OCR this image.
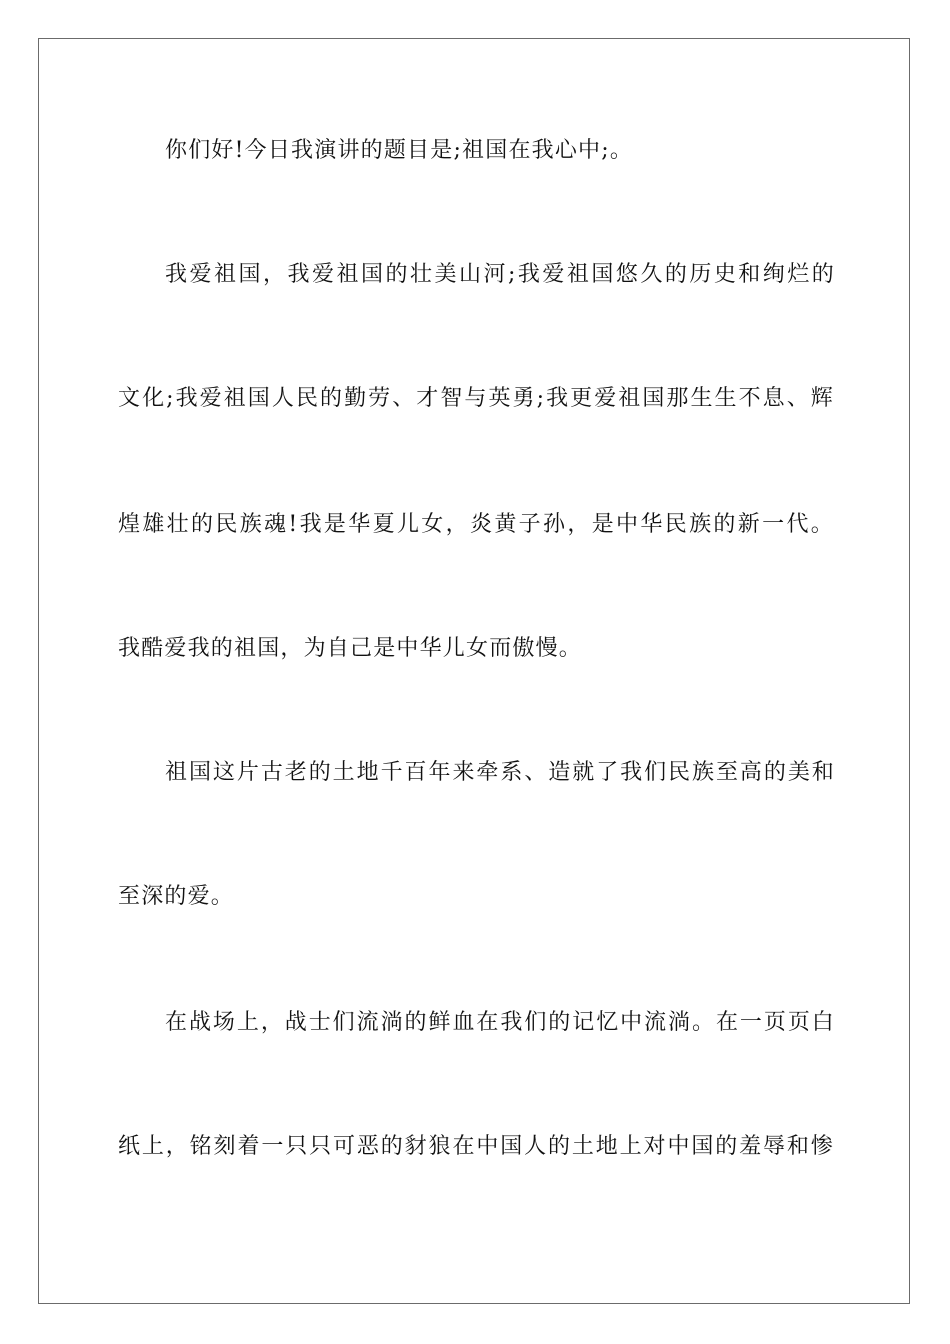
你们好!今日我演讲的题目是;祖国在我心中;。
我爱祖国，我爱祖国的壮美山河;我爱祖国悠久的历史和绚烂的
文化;我爱祖国人民的勤劳、才智与英勇;我更爱祖国那生生不息、辉
煌雄壮的民族魂!我是华夏儿女，炎黄子孙，是中华民族的新一代。
我酷爱我的祖国，为自己是中华儿女而傲慢。
祖国这片古老的土地千百年来牵系、造就了我们民族至高的美和
至深的爱。
在战场上，战士们流淌的鲜血在我们的记忆中流淌。在一页页白
纸上，铭刻着一只只可恶的豺狼在中国人的土地上对中国的羞辱和惨
